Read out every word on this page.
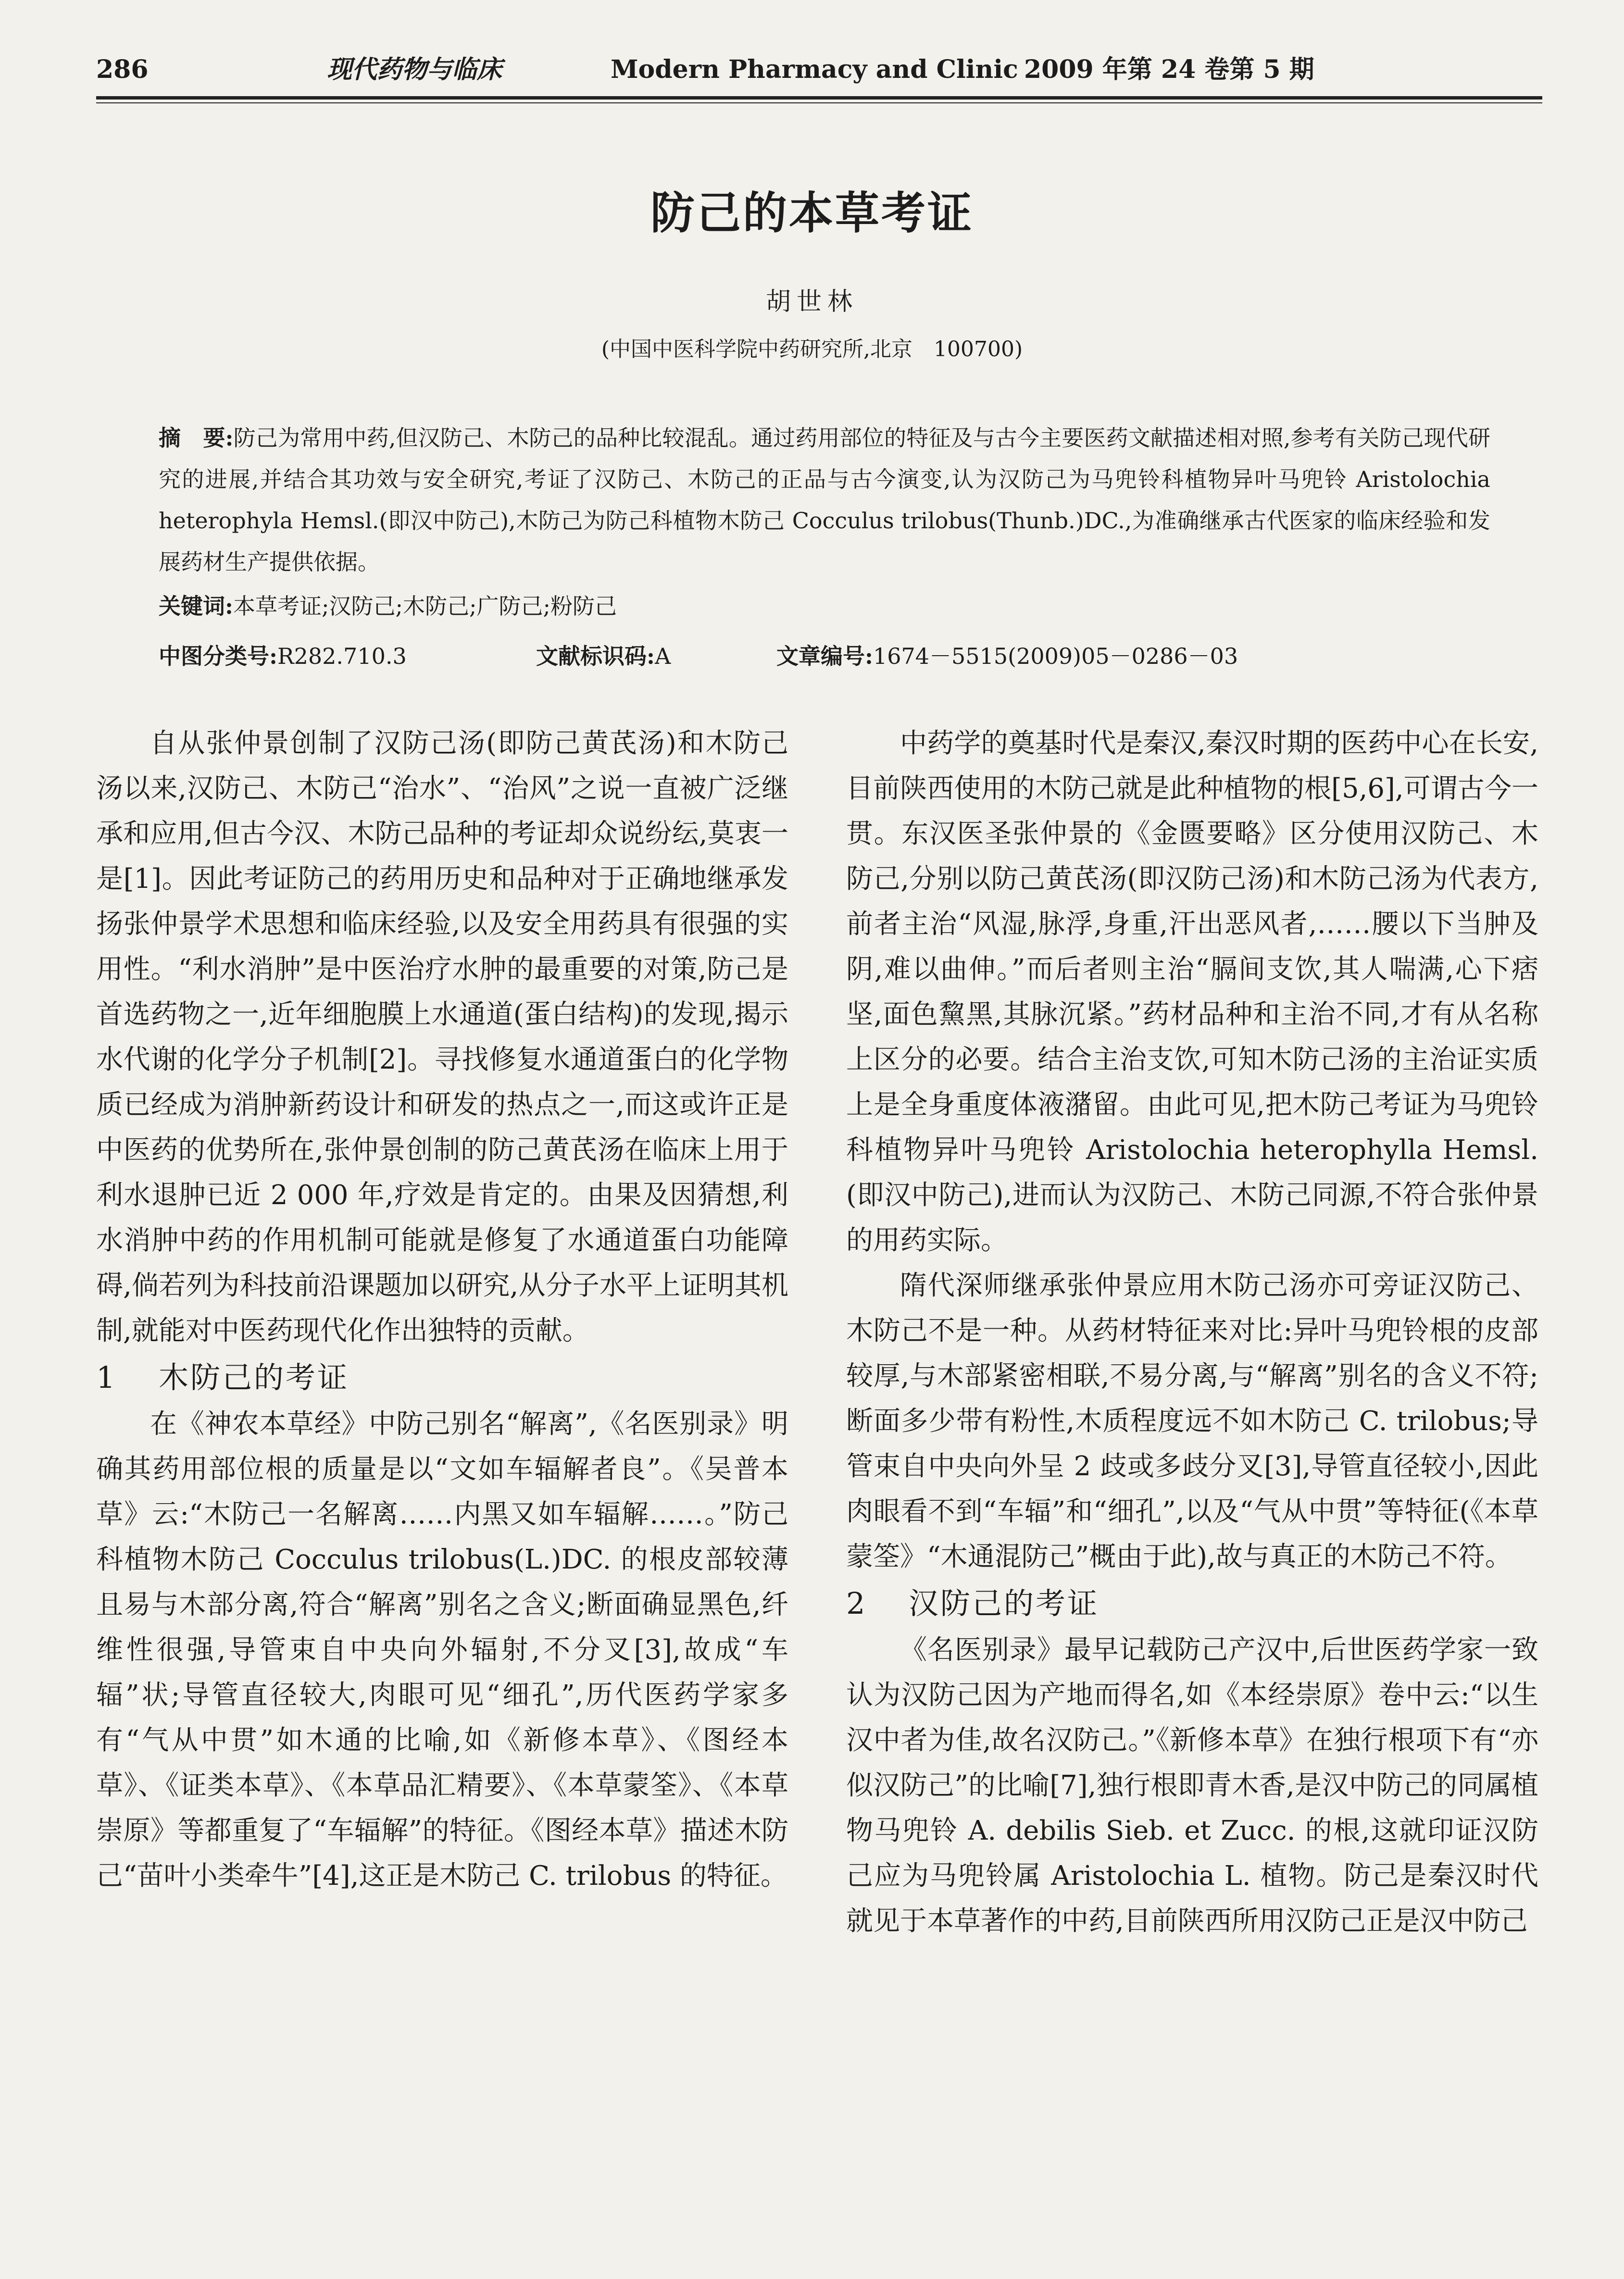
286	现代药物与临床	Modern Pharmacy and Clinic 2009 年第 24 卷第 5 期
防己的本草考证
胡世林
(中国中医科学院中药研究所,北京　100700)
摘　要:防己为常用中药,但汉防己、木防己的品种比较混乱。通过药用部位的特征及与古今主要医药文献描述相对照,参考有关防己现代研究的进展,并结合其功效与安全研究,考证了汉防己、木防己的正品与古今演变,认为汉防己为马兜铃科植物异叶马兜铃 Aristolochia heterophyla Hemsl.(即汉中防己),木防己为防己科植物木防己 Cocculus trilobus(Thunb.)DC.,为准确继承古代医家的临床经验和发展药材生产提供依据。
关键词:本草考证;汉防己;木防己;广防己;粉防己
中图分类号:R282.710.3	文献标识码:A	文章编号:1674－5515(2009)05－0286－03

自从张仲景创制了汉防己汤(即防己黄芪汤)和木防己汤以来,汉防己、木防己“治水”、“治风”之说一直被广泛继承和应用,但古今汉、木防己品种的考证却众说纷纭,莫衷一是[1]。因此考证防己的药用历史和品种对于正确地继承发扬张仲景学术思想和临床经验,以及安全用药具有很强的实用性。“利水消肿”是中医治疗水肿的最重要的对策,防己是首选药物之一,近年细胞膜上水通道(蛋白结构)的发现,揭示水代谢的化学分子机制[2]。寻找修复水通道蛋白的化学物质已经成为消肿新药设计和研发的热点之一,而这或许正是中医药的优势所在,张仲景创制的防己黄芪汤在临床上用于利水退肿已近 2 000 年,疗效是肯定的。由果及因猜想,利水消肿中药的作用机制可能就是修复了水通道蛋白功能障碍,倘若列为科技前沿课题加以研究,从分子水平上证明其机制,就能对中医药现代化作出独特的贡献。

1 木防己的考证

在《神农本草经》中防己别名“解离”,《名医别录》明确其药用部位根的质量是以“文如车辐解者良”。《吴普本草》云:“木防己一名解离……内黑又如车辐解……。”防己科植物木防己 Cocculus trilobus(L.)DC. 的根皮部较薄且易与木部分离,符合“解离”别名之含义;断面确显黑色,纤维性很强,导管束自中央向外辐射,不分叉[3],故成“车辐”状;导管直径较大,肉眼可见“细孔”,历代医药学家多有“气从中贯”如木通的比喻,如《新修本草》、《图经本草》、《证类本草》、《本草品汇精要》、《本草蒙筌》、《本草崇原》等都重复了“车辐解”的特征。《图经本草》描述木防己“苗叶小类牵牛”[4],这正是木防己 C. trilobus 的特征。

中药学的奠基时代是秦汉,秦汉时期的医药中心在长安,目前陕西使用的木防己就是此种植物的根[5,6],可谓古今一贯。东汉医圣张仲景的《金匮要略》区分使用汉防己、木防己,分别以防己黄芪汤(即汉防己汤)和木防己汤为代表方,前者主治“风湿,脉浮,身重,汗出恶风者,……腰以下当肿及阴,难以曲伸。”而后者则主治“膈间支饮,其人喘满,心下痞坚,面色黧黑,其脉沉紧。”药材品种和主治不同,才有从名称上区分的必要。结合主治支饮,可知木防己汤的主治证实质上是全身重度体液潴留。由此可见,把木防己考证为马兜铃科植物异叶马兜铃 Aristolochia heterophylla Hemsl.(即汉中防己),进而认为汉防己、木防己同源,不符合张仲景的用药实际。

隋代深师继承张仲景应用木防己汤亦可旁证汉防己、木防己不是一种。从药材特征来对比:异叶马兜铃根的皮部较厚,与木部紧密相联,不易分离,与“解离”别名的含义不符;断面多少带有粉性,木质程度远不如木防己 C. trilobus;导管束自中央向外呈 2 歧或多歧分叉[3],导管直径较小,因此肉眼看不到“车辐”和“细孔”,以及“气从中贯”等特征(《本草蒙筌》“木通混防己”概由于此),故与真正的木防己不符。

2 汉防己的考证

《名医别录》最早记载防己产汉中,后世医药学家一致认为汉防己因为产地而得名,如《本经崇原》卷中云:“以生汉中者为佳,故名汉防己。”《新修本草》在独行根项下有“亦似汉防己”的比喻[7],独行根即青木香,是汉中防己的同属植物马兜铃 A. debilis Sieb. et Zucc. 的根,这就印证汉防己应为马兜铃属 Aristolochia L. 植物。防己是秦汉时代就见于本草著作的中药,目前陕西所用汉防己正是汉中防己
